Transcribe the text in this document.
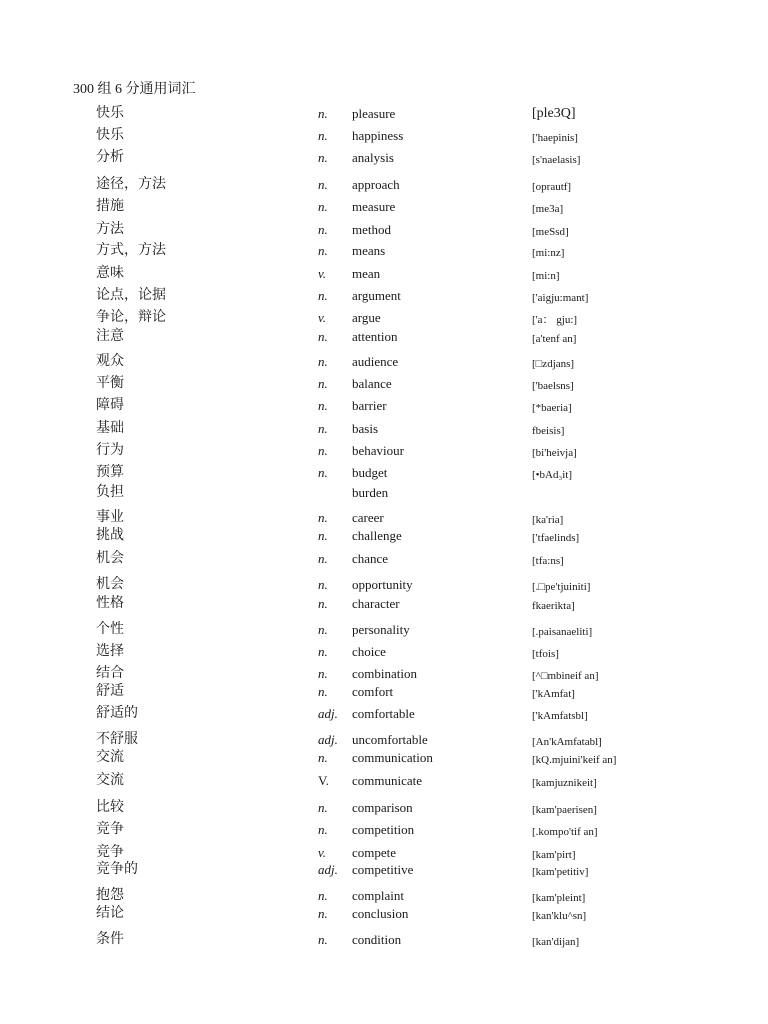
300 组 6 分通用词汇
快乐	n. pleasure	[ple3Q]
快乐	n. happiness	['haepinis]
分析	n. analysis	[s'naelasis]
途径，方法	n. approach	[oprautf]
措施	n. measure	[me3a]
方法	n. method	[meSsd]
方式，方法	n. means	[mi:nz]
意味	v. mean	[mi:n]
论点，论据	n. argument	['aigju:mant]
争论，辩论	v. argue	['a： gju:]
注意	n. attention	[a'tenf an]
观众	n. audience	[□zdjans]
平衡	n. balance	['baelsns]
障碍	n. barrier	[*baeria]
基础	n. basis	fbeisis]
行为	n. behaviour	[bi'heivja]
预算	n. budget	[•bAd₃it]
负担	burden
事业	n. career	[ka'ria]
挑战	n. challenge	['tfaelinds]
机会	n. chance	[tfa:ns]
机会	n. opportunity	[.□pe'tjuiniti]
性格	n. character	fkaerikta]
个性	n. personality	[.paisanaeliti]
选择	n. choice	[tfois]
结合	n. combination	[^□mbineif an]
舒适	n. comfort	['kAmfat]
舒适的	adj. comfortable	['kAmfatsbl]
不舒服	adj. uncomfortable	[An'kAmfatabl]
交流	n. communication	[kQ.mjuini'keif an]
交流	V. communicate	[kamjuznikeit]
比较	n. comparison	[kam'paerisen]
竞争	n. competition	[.kompo'tif an]
竞争	v. compete	[kam'pirt]
竞争的	adj. competitive	[kam'petitiv]
抱怨	n. complaint	[kam'pleint]
结论	n. conclusion	[kan'klu^sn]
条件	n. condition	[kan'dijan]
